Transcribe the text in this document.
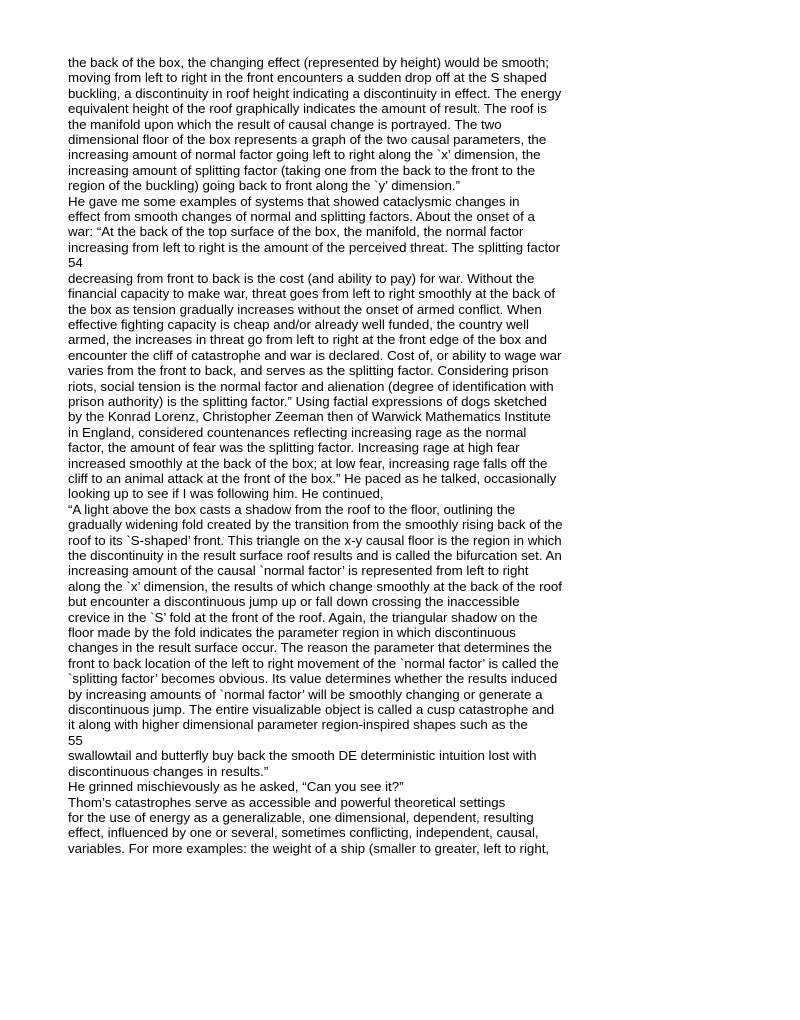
the back of the box, the changing effect (represented by height) would be smooth;
moving from left to right in the front encounters a sudden drop off at the S shaped
buckling, a discontinuity in roof height indicating a discontinuity in effect. The energy
equivalent height of the roof graphically indicates the amount of result. The roof is
the manifold upon which the result of causal change is portrayed. The two
dimensional floor of the box represents a graph of the two causal parameters, the
increasing amount of normal factor going left to right along the `x’ dimension, the
increasing amount of splitting factor (taking one from the back to the front to the
region of the buckling) going back to front along the `y’ dimension.”
He gave me some examples of systems that showed cataclysmic changes in
effect from smooth changes of normal and splitting factors. About the onset of a
war: “At the back of the top surface of the box, the manifold, the normal factor
increasing from left to right is the amount of the perceived threat. The splitting factor
54
decreasing from front to back is the cost (and ability to pay) for war. Without the
financial capacity to make war, threat goes from left to right smoothly at the back of
the box as tension gradually increases without the onset of armed conflict. When
effective fighting capacity is cheap and/or already well funded, the country well
armed, the increases in threat go from left to right at the front edge of the box and
encounter the cliff of catastrophe and war is declared. Cost of, or ability to wage war
varies from the front to back, and serves as the splitting factor. Considering prison
riots, social tension is the normal factor and alienation (degree of identification with
prison authority) is the splitting factor.” Using factial expressions of dogs sketched
by the Konrad Lorenz, Christopher Zeeman then of Warwick Mathematics Institute
in England, considered countenances reflecting increasing rage as the normal
factor, the amount of fear was the splitting factor. Increasing rage at high fear
increased smoothly at the back of the box; at low fear, increasing rage falls off the
cliff to an animal attack at the front of the box.” He paced as he talked, occasionally
looking up to see if I was following him. He continued,
“A light above the box casts a shadow from the roof to the floor, outlining the
gradually widening fold created by the transition from the smoothly rising back of the
roof to its `S-shaped’ front. This triangle on the x-y causal floor is the region in which
the discontinuity in the result surface roof results and is called the bifurcation set. An
increasing amount of the causal `normal factor’ is represented from left to right
along the `x’ dimension, the results of which change smoothly at the back of the roof
but encounter a discontinuous jump up or fall down crossing the inaccessible
crevice in the `S’ fold at the front of the roof. Again, the triangular shadow on the
floor made by the fold indicates the parameter region in which discontinuous
changes in the result surface occur. The reason the parameter that determines the
front to back location of the left to right movement of the `normal factor’ is called the
`splitting factor’ becomes obvious. Its value determines whether the results induced
by increasing amounts of `normal factor’ will be smoothly changing or generate a
discontinuous jump. The entire visualizable object is called a cusp catastrophe and
it along with higher dimensional parameter region-inspired shapes such as the
55
swallowtail and butterfly buy back the smooth DE deterministic intuition lost with
discontinuous changes in results.”
He grinned mischievously as he asked, “Can you see it?”
Thom’s catastrophes serve as accessible and powerful theoretical settings
for the use of energy as a generalizable, one dimensional, dependent, resulting
effect, influenced by one or several, sometimes conflicting, independent, causal,
variables. For more examples: the weight of a ship (smaller to greater, left to right,
